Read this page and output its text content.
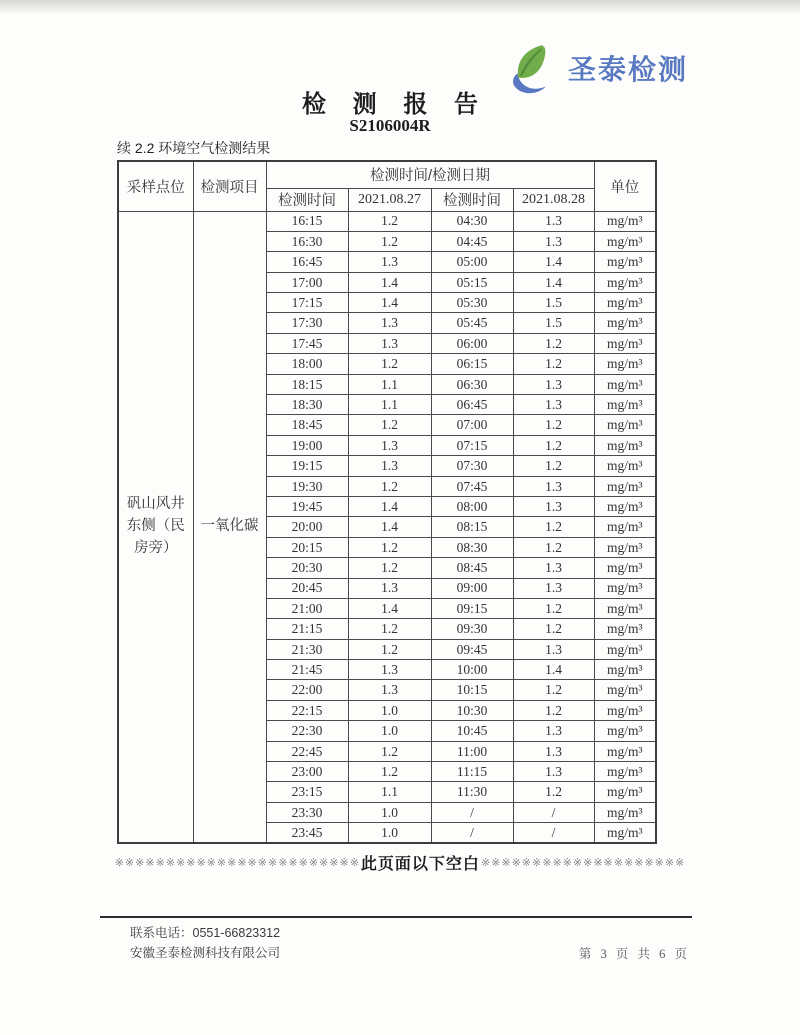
圣泰检测
检 测 报 告
S2106004R
续 2.2 环境空气检测结果
采样点位	检测项目	检测时间/检测日期				单位
		检测时间	2021.08.27	检测时间	2021.08.28	
矾山风井东侧（民房旁）	一氧化碳	16:15	1.2	04:30	1.3	mg/m³
		16:30	1.2	04:45	1.3	mg/m³
		16:45	1.3	05:00	1.4	mg/m³
		17:00	1.4	05:15	1.4	mg/m³
		17:15	1.4	05:30	1.5	mg/m³
		17:30	1.3	05:45	1.5	mg/m³
		17:45	1.3	06:00	1.2	mg/m³
		18:00	1.2	06:15	1.2	mg/m³
		18:15	1.1	06:30	1.3	mg/m³
		18:30	1.1	06:45	1.3	mg/m³
		18:45	1.2	07:00	1.2	mg/m³
		19:00	1.3	07:15	1.2	mg/m³
		19:15	1.3	07:30	1.2	mg/m³
		19:30	1.2	07:45	1.3	mg/m³
		19:45	1.4	08:00	1.3	mg/m³
		20:00	1.4	08:15	1.2	mg/m³
		20:15	1.2	08:30	1.2	mg/m³
		20:30	1.2	08:45	1.3	mg/m³
		20:45	1.3	09:00	1.3	mg/m³
		21:00	1.4	09:15	1.2	mg/m³
		21:15	1.2	09:30	1.2	mg/m³
		21:30	1.2	09:45	1.3	mg/m³
		21:45	1.3	10:00	1.4	mg/m³
		22:00	1.3	10:15	1.2	mg/m³
		22:15	1.0	10:30	1.2	mg/m³
		22:30	1.0	10:45	1.3	mg/m³
		22:45	1.2	11:00	1.3	mg/m³
		23:00	1.2	11:15	1.3	mg/m³
		23:15	1.1	11:30	1.2	mg/m³
		23:30	1.0	/	/	mg/m³
		23:45	1.0	/	/	mg/m³
※※※※※※※※※※※※※※※※※※※※※※※※ 此页面以下空白 ※※※※※※※※※※※※※※※※※※※※
联系电话：0551-66823312
安徽圣泰检测科技有限公司	第 3 页 共 6 页
